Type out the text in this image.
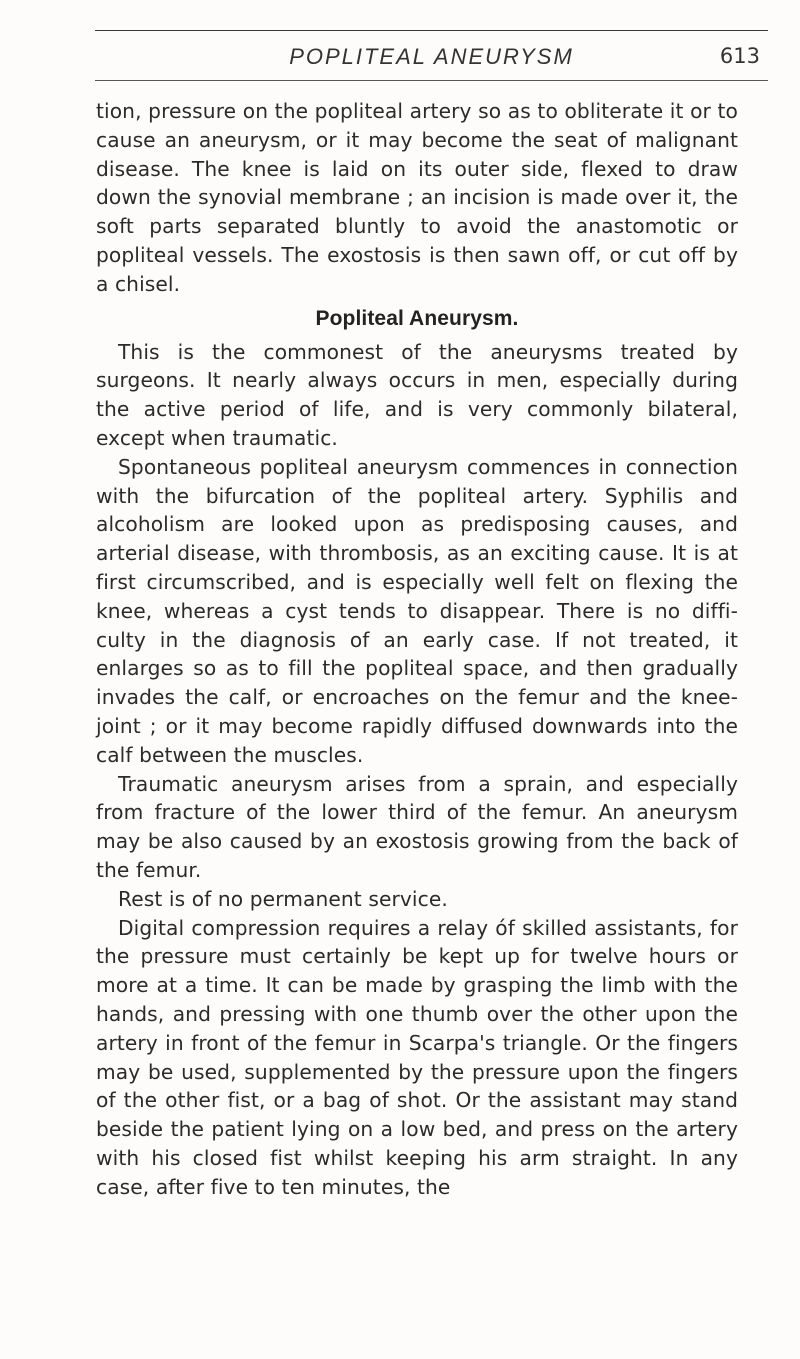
POPLITEAL ANEURYSM	613

tion, pressure on the popliteal artery so as to obliterate it or to cause an aneurysm, or it may become the seat of malignant disease. The knee is laid on its outer side, flexed to draw down the synovial membrane ; an incision is made over it, the soft parts separated bluntly to avoid the anastomotic or popliteal vessels. The exostosis is then sawn off, or cut off by a chisel.

Popliteal Aneurysm.

This is the commonest of the aneurysms treated by surgeons. It nearly always occurs in men, especially during the active period of life, and is very commonly bilateral, except when traumatic.

Spontaneous popliteal aneurysm commences in connection with the bifurcation of the popliteal artery. Syphilis and alcoholism are looked upon as predisposing causes, and arterial disease, with thrombosis, as an exciting cause. It is at first circumscribed, and is especially well felt on flexing the knee, whereas a cyst tends to disappear. There is no diffi- culty in the diagnosis of an early case. If not treated, it enlarges so as to fill the popliteal space, and then gradually invades the calf, or encroaches on the femur and the knee- joint ; or it may become rapidly diffused downwards into the calf between the muscles.

Traumatic aneurysm arises from a sprain, and especially from fracture of the lower third of the femur. An aneurysm may be also caused by an exostosis growing from the back of the femur.

Rest is of no permanent service.

Digital compression requires a relay óf skilled assistants, for the pressure must certainly be kept up for twelve hours or more at a time. It can be made by grasping the limb with the hands, and pressing with one thumb over the other upon the artery in front of the femur in Scarpa's triangle. Or the fingers may be used, supplemented by the pressure upon the fingers of the other fist, or a bag of shot. Or the assistant may stand beside the patient lying on a low bed, and press on the artery with his closed fist whilst keeping his arm straight. In any case, after five to ten minutes, the
